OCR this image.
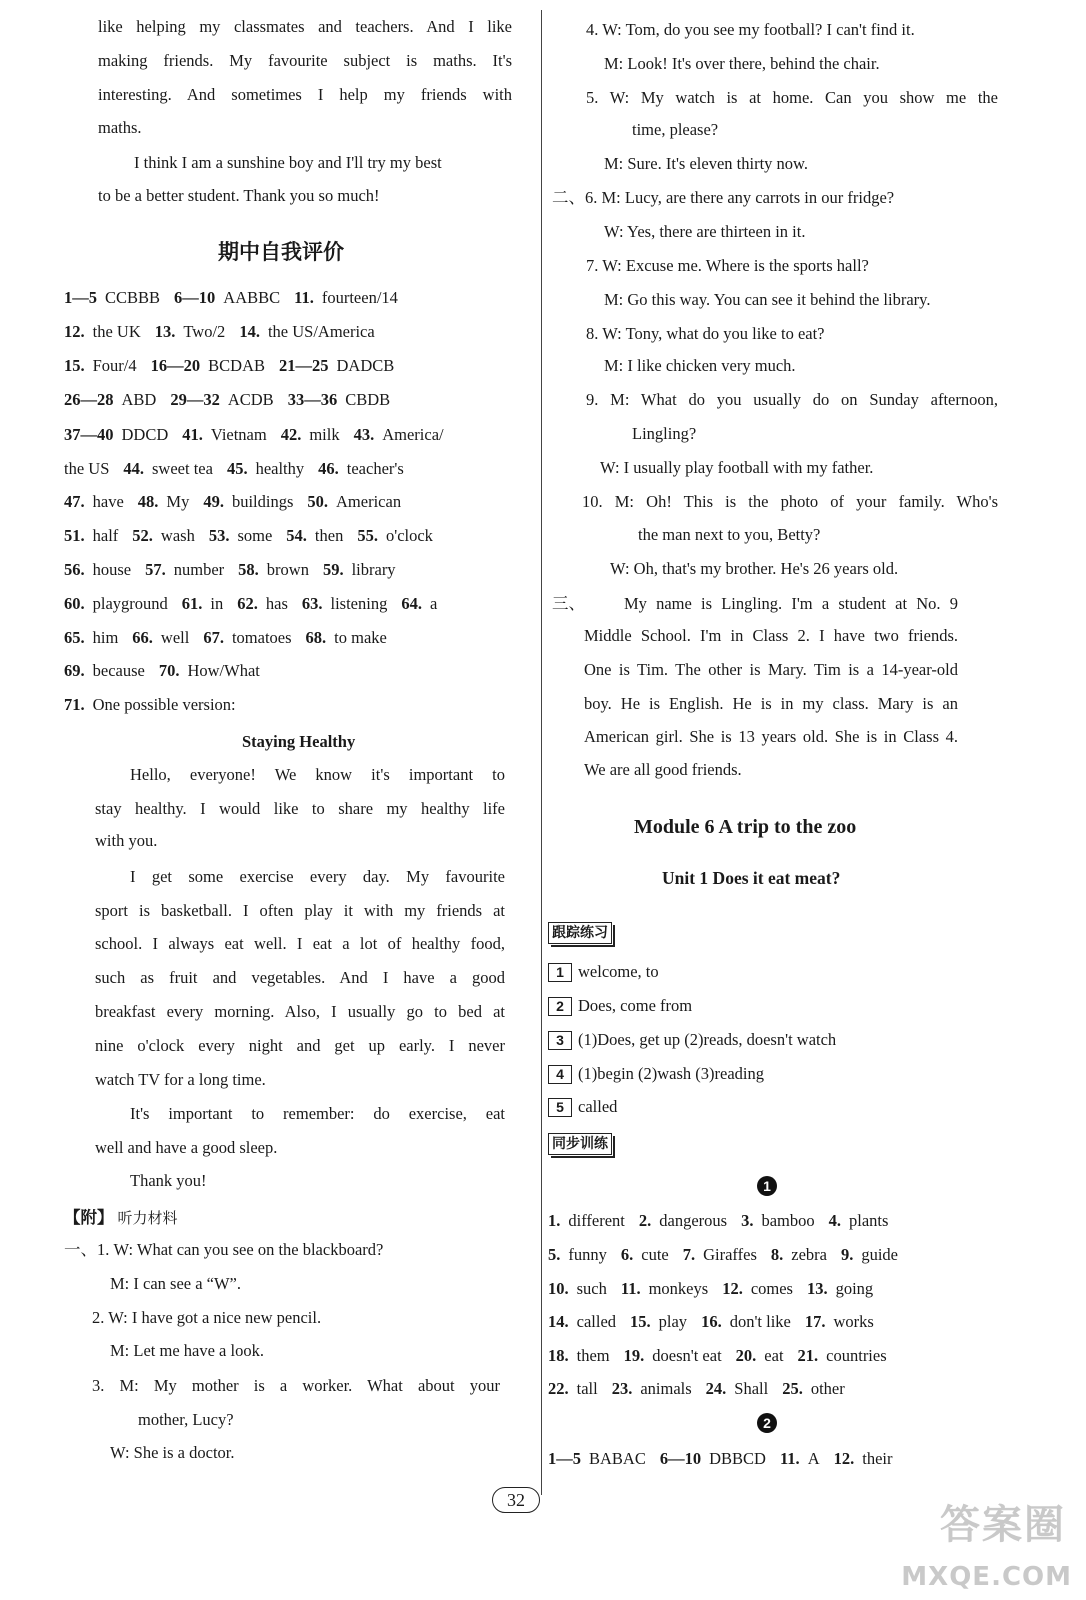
like helping my classmates and teachers. And I like
making friends. My favourite subject is maths. It's
interesting. And sometimes I help my friends with
maths.
I think I am a sunshine boy and I'll try my best
to be a better student. Thank you so much!
期中自我评价
1—5 CCBBB 6—10 AABBC 11. fourteen/14
12. the UK 13. Two/2 14. the US/America
15. Four/4 16—20 BCDAB 21—25 DADCB
26—28 ABD 29—32 ACDB 33—36 CBDB
37—40 DDCD 41. Vietnam 42. milk 43. America/
the US 44. sweet tea 45. healthy 46. teacher's
47. have 48. My 49. buildings 50. American
51. half 52. wash 53. some 54. then 55. o'clock
56. house 57. number 58. brown 59. library
60. playground 61. in 62. has 63. listening 64. a
65. him 66. well 67. tomatoes 68. to make
69. because 70. How/What
71. One possible version:
Staying Healthy
Hello, everyone! We know it's important to
stay healthy. I would like to share my healthy life
with you.
I get some exercise every day. My favourite
sport is basketball. I often play it with my friends at
school. I always eat well. I eat a lot of healthy food,
such as fruit and vegetables. And I have a good
breakfast every morning. Also, I usually go to bed at
nine o'clock every night and get up early. I never
watch TV for a long time.
It's important to remember: do exercise, eat
well and have a good sleep.
Thank you!
【附】 听力材料
一、1. W: What can you see on the blackboard?
M: I can see a “W”.
2. W: I have got a nice new pencil.
M: Let me have a look.
3. M: My mother is a worker. What about your
mother, Lucy?
W: She is a doctor.
4. W: Tom, do you see my football? I can't find it.
M: Look! It's over there, behind the chair.
5. W: My watch is at home. Can you show me the
time, please?
M: Sure. It's eleven thirty now.
二、6. M: Lucy, are there any carrots in our fridge?
W: Yes, there are thirteen in it.
7. W: Excuse me. Where is the sports hall?
M: Go this way. You can see it behind the library.
8. W: Tony, what do you like to eat?
M: I like chicken very much.
9. M: What do you usually do on Sunday afternoon,
Lingling?
W: I usually play football with my father.
10. M: Oh! This is the photo of your family. Who's
the man next to you, Betty?
W: Oh, that's my brother. He's 26 years old.
三、 My name is Lingling. I'm a student at No. 9
Middle School. I'm in Class 2. I have two friends.
One is Tim. The other is Mary. Tim is a 14-year-old
boy. He is English. He is in my class. Mary is an
American girl. She is 13 years old. She is in Class 4.
We are all good friends.
Module 6 A trip to the zoo
Unit 1 Does it eat meat?
跟踪练习
1 welcome, to
2 Does, come from
3 (1)Does, get up (2)reads, doesn't watch
4 (1)begin (2)wash (3)reading
5 called
同步训练
1
1. different 2. dangerous 3. bamboo 4. plants
5. funny 6. cute 7. Giraffes 8. zebra 9. guide
10. such 11. monkeys 12. comes 13. going
14. called 15. play 16. don't like 17. works
18. them 19. doesn't eat 20. eat 21. countries
22. tall 23. animals 24. Shall 25. other
2
1—5 BABAC 6—10 DBBCD 11. A 12. their
32
答案圈
MXQE.COM
